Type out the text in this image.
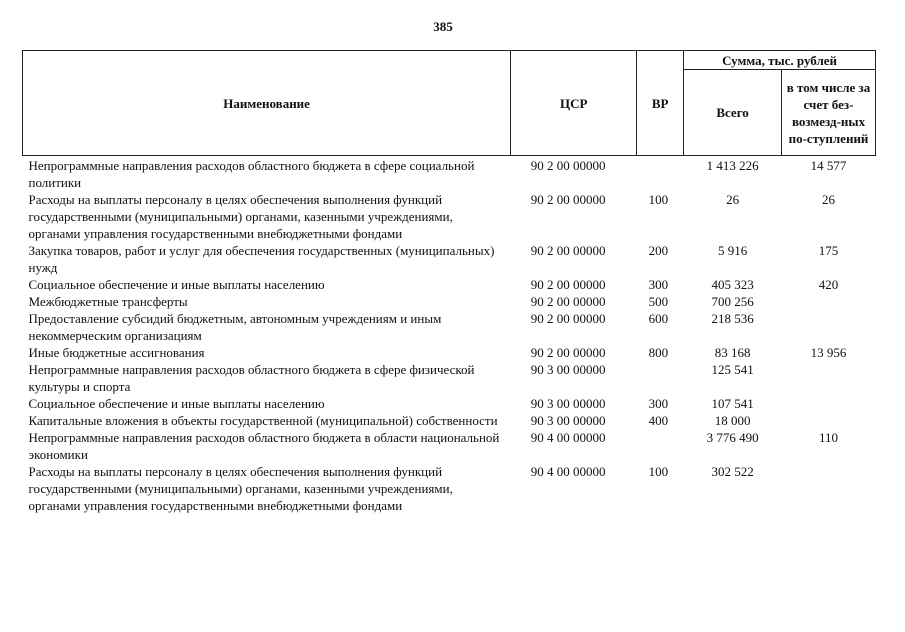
385
Наименование	ЦСР	ВР	Сумма, тыс. рублей	
			Всего	в том числе за счет без-возмезд-ных по-ступлений
Непрограммные направления расходов областного бюджета в сфере социальной политики	90 2 00 00000		1 413 226	14 577
Расходы на выплаты персоналу в целях обеспечения выполнения функций государственными (муниципальными) органами, казенными учреждениями, органами управления государственными внебюджетными фондами	90 2 00 00000	100	26	26
Закупка товаров, работ и услуг для обеспечения государственных (муниципальных) нужд	90 2 00 00000	200	5 916	175
Социальное обеспечение и иные выплаты населению	90 2 00 00000	300	405 323	420
Межбюджетные трансферты	90 2 00 00000	500	700 256	
Предоставление субсидий бюджетным, автономным учреждениям и иным некоммерческим организациям	90 2 00 00000	600	218 536	
Иные бюджетные ассигнования	90 2 00 00000	800	83 168	13 956
Непрограммные направления расходов областного бюджета в сфере физической культуры и спорта	90 3 00 00000		125 541	
Социальное обеспечение и иные выплаты населению	90 3 00 00000	300	107 541	
Капитальные вложения в объекты государственной (муниципальной) собственности	90 3 00 00000	400	18 000	
Непрограммные направления расходов областного бюджета в области национальной экономики	90 4 00 00000		3 776 490	110
Расходы на выплаты персоналу в целях обеспечения выполнения функций государственными (муниципальными) органами, казенными учреждениями, органами управления государственными внебюджетными фондами	90 4 00 00000	100	302 522	
